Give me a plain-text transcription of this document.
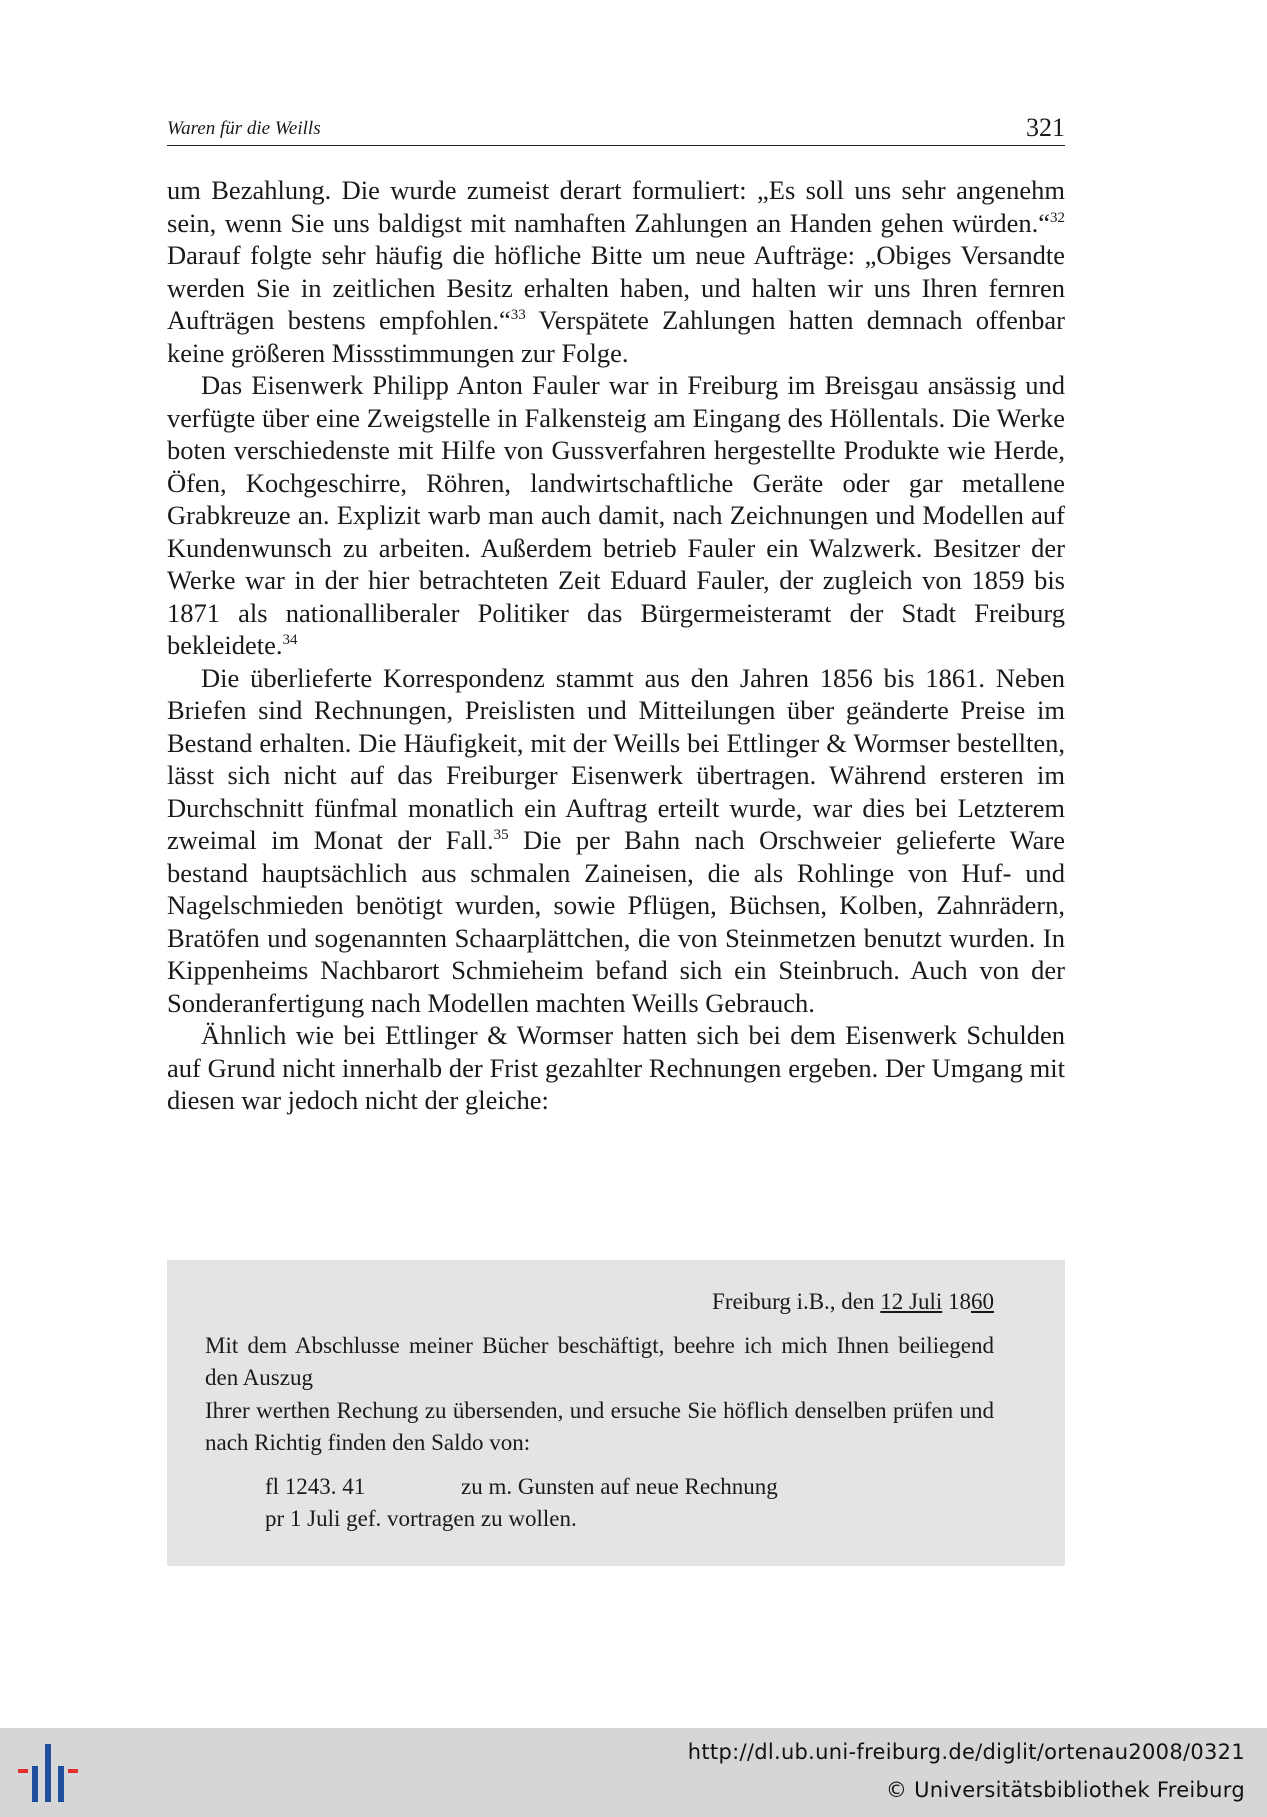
Waren für die Weills	321

um Bezahlung. Die wurde zumeist derart formuliert: „Es soll uns sehr angenehm sein, wenn Sie uns baldigst mit namhaften Zahlungen an Handen gehen würden.“$^{32}$ Darauf folgte sehr häufig die höfliche Bitte um neue Aufträge: „Obiges Versandte werden Sie in zeitlichen Besitz erhalten haben, und halten wir uns Ihren fernren Aufträgen bestens empfohlen.“$^{33}$ Verspätete Zahlungen hatten demnach offenbar keine größeren Missstimmungen zur Folge.

Das Eisenwerk Philipp Anton Fauler war in Freiburg im Breisgau ansässig und verfügte über eine Zweigstelle in Falkensteig am Eingang des Höllentals. Die Werke boten verschiedenste mit Hilfe von Gussverfahren hergestellte Produkte wie Herde, Öfen, Kochgeschirre, Röhren, landwirtschaftliche Geräte oder gar metallene Grabkreuze an. Explizit warb man auch damit, nach Zeichnungen und Modellen auf Kundenwunsch zu arbeiten. Außerdem betrieb Fauler ein Walzwerk. Besitzer der Werke war in der hier betrachteten Zeit Eduard Fauler, der zugleich von 1859 bis 1871 als nationalliberaler Politiker das Bürgermeisteramt der Stadt Freiburg bekleidete.$^{34}$

Die überlieferte Korrespondenz stammt aus den Jahren 1856 bis 1861. Neben Briefen sind Rechnungen, Preislisten und Mitteilungen über geänderte Preise im Bestand erhalten. Die Häufigkeit, mit der Weills bei Ettlinger & Wormser bestellten, lässt sich nicht auf das Freiburger Eisenwerk übertragen. Während ersteren im Durchschnitt fünfmal monatlich ein Auftrag erteilt wurde, war dies bei Letzterem zweimal im Monat der Fall.$^{35}$ Die per Bahn nach Orschweier gelieferte Ware bestand hauptsächlich aus schmalen Zaineisen, die als Rohlinge von Huf- und Nagelschmieden benötigt wurden, sowie Pflügen, Büchsen, Kolben, Zahnrädern, Bratöfen und sogenannten Schaarplättchen, die von Steinmetzen benutzt wurden. In Kippenheims Nachbarort Schmieheim befand sich ein Steinbruch. Auch von der Sonderanfertigung nach Modellen machten Weills Gebrauch.

Ähnlich wie bei Ettlinger & Wormser hatten sich bei dem Eisenwerk Schulden auf Grund nicht innerhalb der Frist gezahlter Rechnungen ergeben. Der Umgang mit diesen war jedoch nicht der gleiche:

Freiburg i.B., den 12 Juli 1860

Mit dem Abschlusse meiner Bücher beschäftigt, beehre ich mich Ihnen beiliegend den Auszug

Ihrer werthen Rechung zu übersenden, und ersuche Sie höflich denselben prüfen und nach Richtig finden den Saldo von:

fl 1243. 41	zu m. Gunsten auf neue Rechnung
pr 1 Juli gef. vortragen zu wollen.
http://dl.ub.uni-freiburg.de/diglit/ortenau2008/0321
© Universitätsbibliothek Freiburg
